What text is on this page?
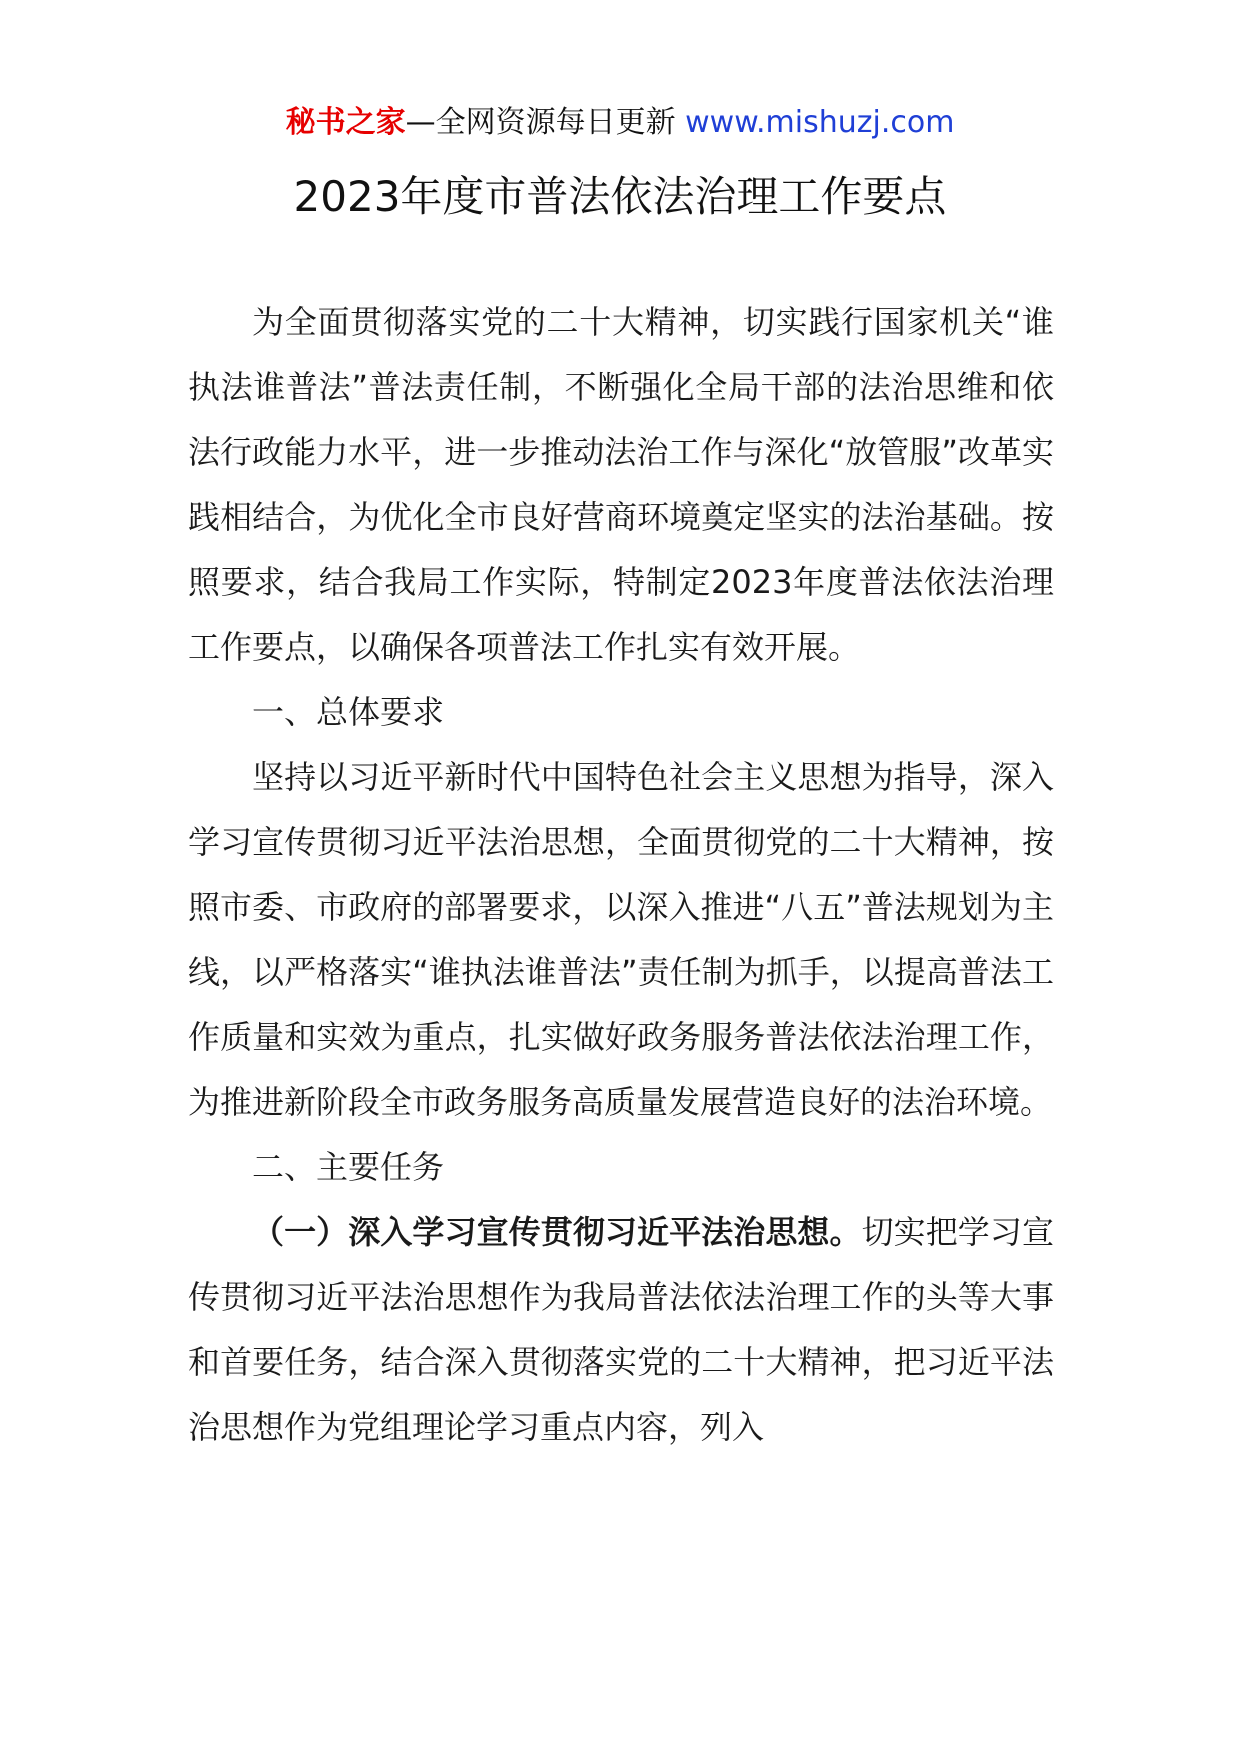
秘书之家—全网资源每日更新 www.mishuzj.com
2023年度市普法依法治理工作要点

为全面贯彻落实党的二十大精神，切实践行国家机关“谁执法谁普法”普法责任制，不断强化全局干部的法治思维和依法行政能力水平，进一步推动法治工作与深化“放管服”改革实践相结合，为优化全市良好营商环境奠定坚实的法治基础。按照要求，结合我局工作实际，特制定2023年度普法依法治理工作要点，以确保各项普法工作扎实有效开展。

一、总体要求

坚持以习近平新时代中国特色社会主义思想为指导，深入学习宣传贯彻习近平法治思想，全面贯彻党的二十大精神，按照市委、市政府的部署要求，以深入推进“八五”普法规划为主线，以严格落实“谁执法谁普法”责任制为抓手，以提高普法工作质量和实效为重点，扎实做好政务服务普法依法治理工作，为推进新阶段全市政务服务高质量发展营造良好的法治环境。

二、主要任务

（一）深入学习宣传贯彻习近平法治思想。切实把学习宣传贯彻习近平法治思想作为我局普法依法治理工作的头等大事和首要任务，结合深入贯彻落实党的二十大精神，把习近平法治思想作为党组理论学习重点内容，列入
